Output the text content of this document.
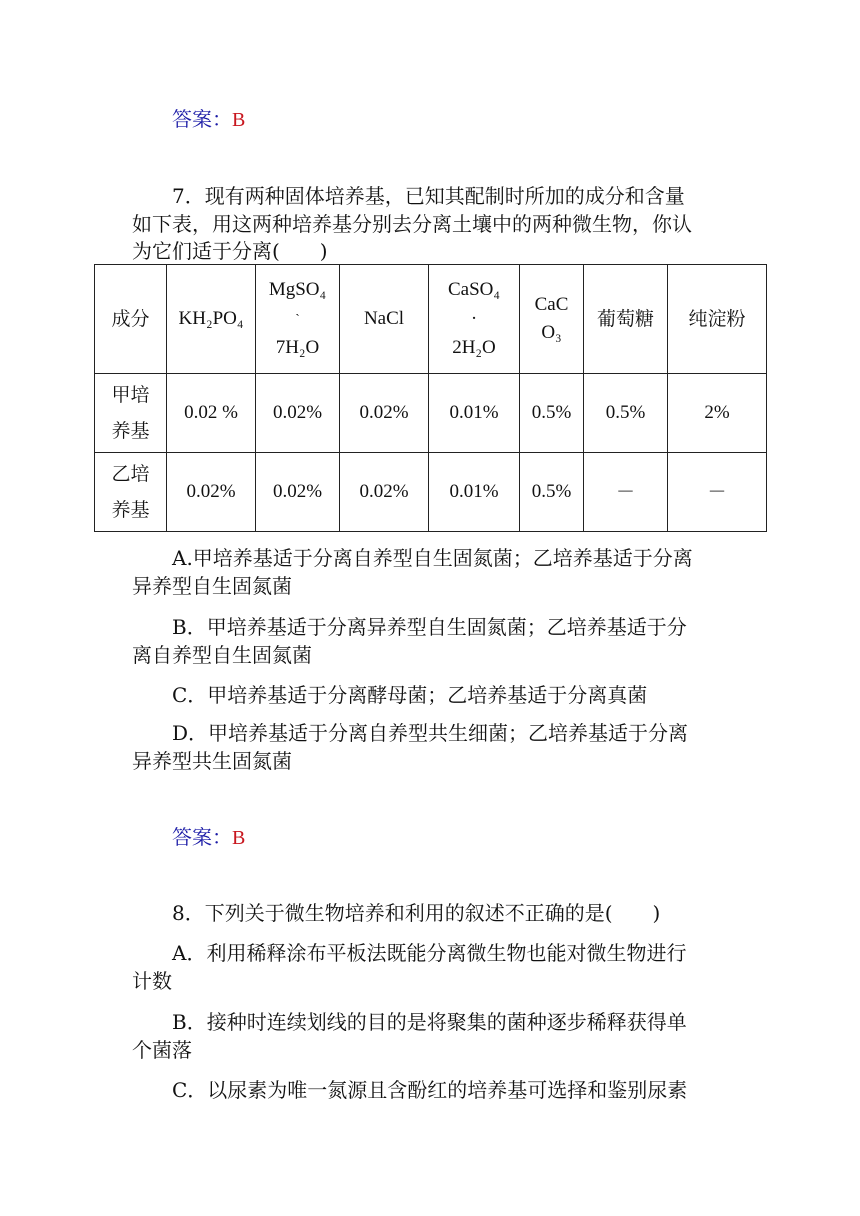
答案：B
7．现有两种固体培养基，已知其配制时所加的成分和含量
如下表，用这两种培养基分别去分离土壤中的两种微生物，你认
为它们适于分离(　　)
成分	KH₂PO₄	MgSO₄
`
7H₂O	NaCl	CaSO₄
·
2H₂O	CaC
O₃	葡萄糖	纯淀粉

甲培
养基	0.02 %	0.02%	0.02%	0.01%	0.5%	0.5%	2%

乙培
养基	0.02%	0.02%	0.02%	0.01%	0.5%	－	－
A.甲培养基适于分离自养型自生固氮菌；乙培养基适于分离
异养型自生固氮菌
B．甲培养基适于分离异养型自生固氮菌；乙培养基适于分
离自养型自生固氮菌
C．甲培养基适于分离酵母菌；乙培养基适于分离真菌
D．甲培养基适于分离自养型共生细菌；乙培养基适于分离
异养型共生固氮菌
答案：B
8．下列关于微生物培养和利用的叙述不正确的是(　　)
A．利用稀释涂布平板法既能分离微生物也能对微生物进行
计数
B．接种时连续划线的目的是将聚集的菌种逐步稀释获得单
个菌落
C．以尿素为唯一氮源且含酚红的培养基可选择和鉴别尿素
